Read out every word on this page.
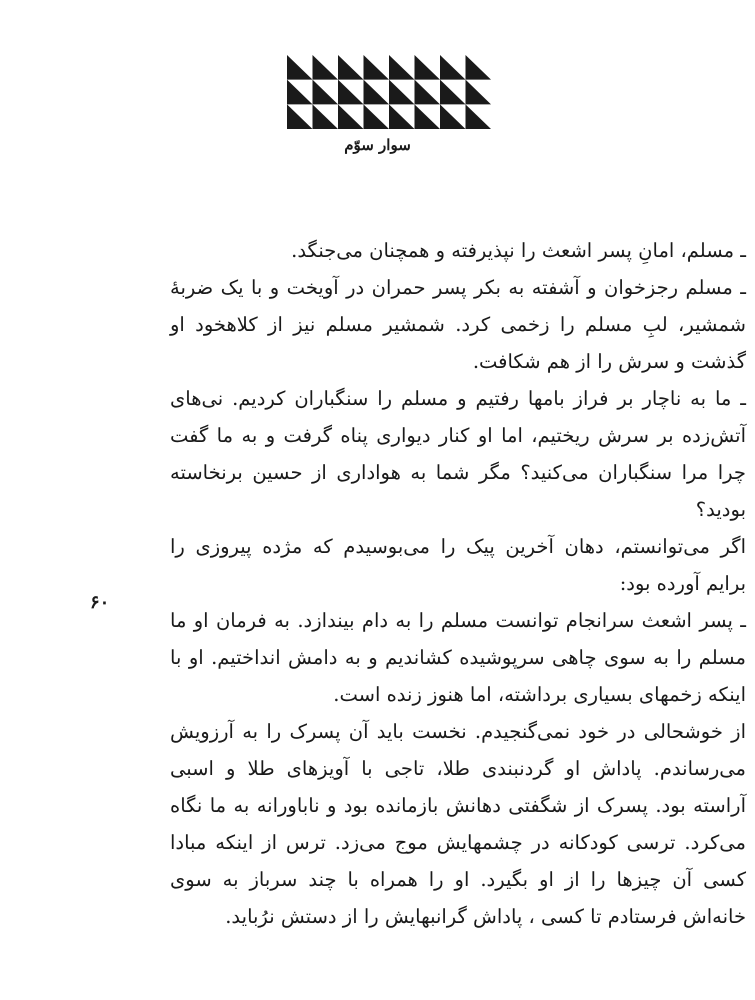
سوار سوّم

ـ مسلم، امانِ پسر اشعث را نپذیرفته و همچنان می‌جنگد.

ـ مسلم رجزخوان و آشفته به بکر پسر حمران در آویخت و با یک ضربهٔ شمشیر، لبِ مسلم را زخمی کرد. شمشیر مسلم نیز از کلاهخود او گذشت و سرش را از هم شکافت.

ـ ما به ناچار بر فراز بامها رفتیم و مسلم را سنگباران کردیم. نی‌های آتش‌زده بر سرش ریختیم، اما او کنار دیواری پناه گرفت و به ما گفت چرا مرا سنگباران می‌کنید؟ مگر شما به هواداری از حسین برنخاسته بودید؟

اگر می‌توانستم، دهان آخرین پیک را می‌بوسیدم که مژده پیروزی را برایم آورده بود:

ـ پسر اشعث سرانجام توانست مسلم را به دام بیندازد. به فرمان او ما مسلم را به سوی چاهی سرپوشیده کشاندیم و به دامش انداختیم. او با اینکه زخمهای بسیاری برداشته، اما هنوز زنده است.

از خوشحالی در خود نمی‌گنجیدم. نخست باید آن پسرک را به آرزویش می‌رساندم. پاداش او گردنبندی طلا، تاجی با آویزهای طلا و اسبی آراسته بود. پسرک از شگفتی دهانش بازمانده بود و ناباورانه به ما نگاه می‌کرد. ترسی کودکانه در چشمهایش موج می‌زد. ترس از اینکه مبادا کسی آن چیزها را از او بگیرد. او را همراه با چند سرباز به سوی خانه‌اش فرستادم تا کسی ، پاداش گرانبهایش را از دستش نرُباید.

۶۰
